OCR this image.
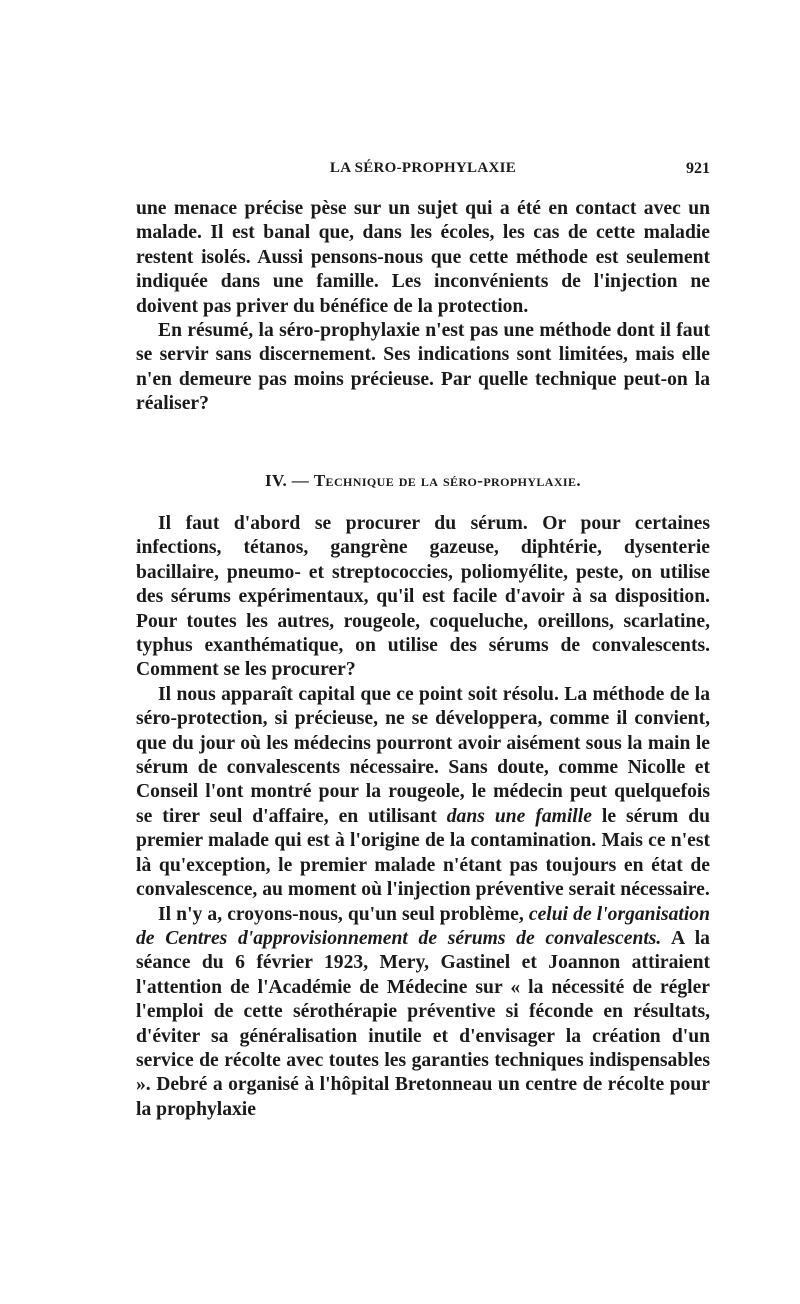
LA SÉRO-PROPHYLAXIE	921

une menace précise pèse sur un sujet qui a été en contact avec un malade. Il est banal que, dans les écoles, les cas de cette maladie restent isolés. Aussi pensons-nous que cette méthode est seulement indiquée dans une famille. Les inconvénients de l'injection ne doivent pas priver du bénéfice de la protection.

En résumé, la séro-prophylaxie n'est pas une méthode dont il faut se servir sans discernement. Ses indications sont limitées, mais elle n'en demeure pas moins précieuse. Par quelle technique peut-on la réaliser?

IV. — Technique de la séro-prophylaxie.

Il faut d'abord se procurer du sérum. Or pour certaines infections, tétanos, gangrène gazeuse, diphtérie, dysenterie bacillaire, pneumo- et streptococcies, poliomyélite, peste, on utilise des sérums expérimentaux, qu'il est facile d'avoir à sa disposition. Pour toutes les autres, rougeole, coqueluche, oreillons, scarlatine, typhus exanthématique, on utilise des sérums de convalescents. Comment se les procurer?

Il nous apparaît capital que ce point soit résolu. La méthode de la séro-protection, si précieuse, ne se développera, comme il convient, que du jour où les médecins pourront avoir aisément sous la main le sérum de convalescents nécessaire. Sans doute, comme Nicolle et Conseil l'ont montré pour la rougeole, le médecin peut quelquefois se tirer seul d'affaire, en utilisant dans une famille le sérum du premier malade qui est à l'origine de la contamination. Mais ce n'est là qu'exception, le premier malade n'étant pas toujours en état de convalescence, au moment où l'injection préventive serait nécessaire.

Il n'y a, croyons-nous, qu'un seul problème, celui de l'organisation de Centres d'approvisionnement de sérums de convalescents. A la séance du 6 février 1923, Mery, Gastinel et Joannon attiraient l'attention de l'Académie de Médecine sur « la nécessité de régler l'emploi de cette sérothérapie préventive si féconde en résultats, d'éviter sa généralisation inutile et d'envisager la création d'un service de récolte avec toutes les garanties techniques indispensables ». Debré a organisé à l'hôpital Bretonneau un centre de récolte pour la prophylaxie
